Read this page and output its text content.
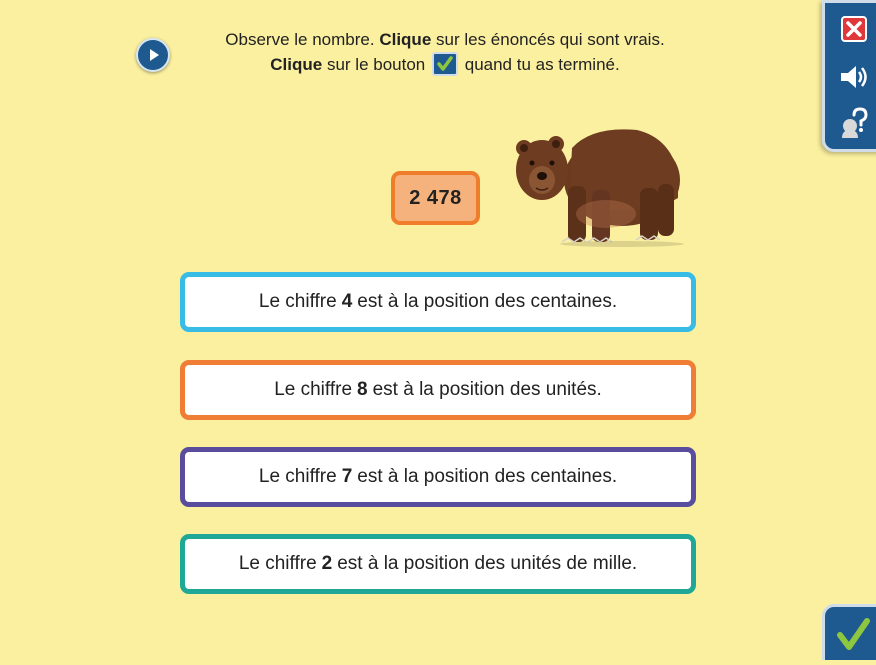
Observe le nombre. Clique sur les énoncés qui sont vrais.
Clique sur le bouton quand tu as terminé.
2 478
Le chiffre 4 est à la position des centaines.
Le chiffre 8 est à la position des unités.
Le chiffre 7 est à la position des centaines.
Le chiffre 2 est à la position des unités de mille.
